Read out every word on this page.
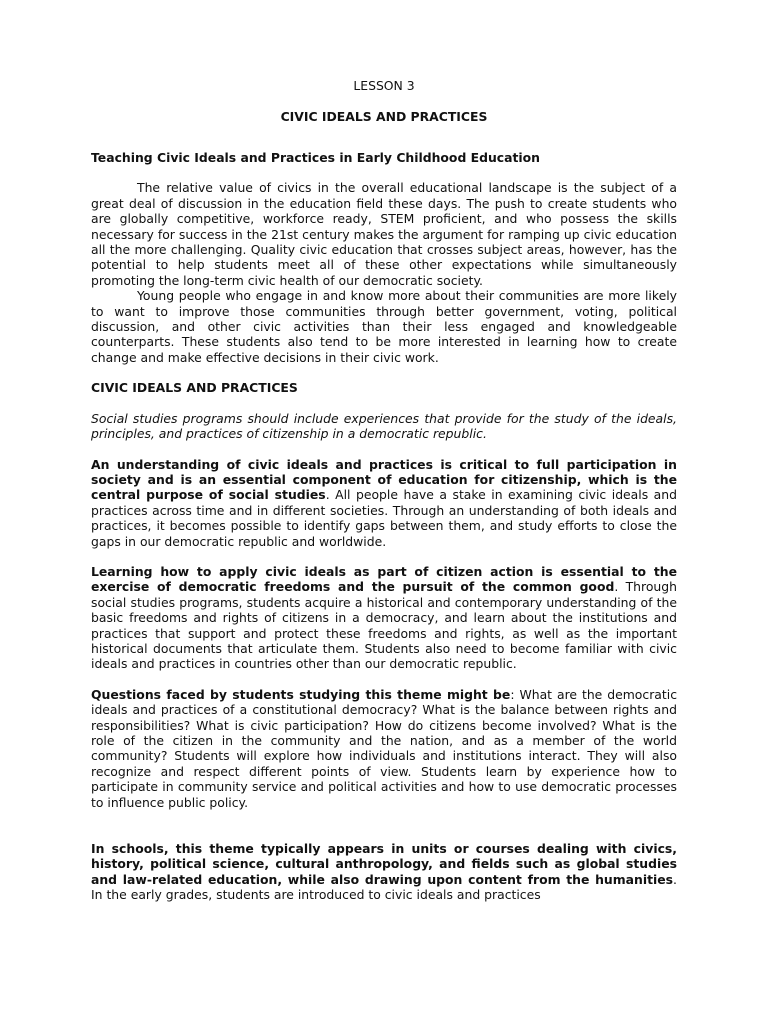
LESSON 3
CIVIC IDEALS AND PRACTICES
Teaching Civic Ideals and Practices in Early Childhood Education

The relative value of civics in the overall educational landscape is the subject of a great deal of discussion in the education field these days. The push to create students who are globally competitive, workforce ready, STEM proficient, and who possess the skills necessary for success in the 21st century makes the argument for ramping up civic education all the more challenging. Quality civic education that crosses subject areas, however, has the potential to help students meet all of these other expectations while simultaneously promoting the long-term civic health of our democratic society.

Young people who engage in and know more about their communities are more likely to want to improve those communities through better government, voting, political discussion, and other civic activities than their less engaged and knowledgeable counterparts. These students also tend to be more interested in learning how to create change and make effective decisions in their civic work.

CIVIC IDEALS AND PRACTICES

Social studies programs should include experiences that provide for the study of the ideals, principles, and practices of citizenship in a democratic republic.

An understanding of civic ideals and practices is critical to full participation in society and is an essential component of education for citizenship, which is the central purpose of social studies. All people have a stake in examining civic ideals and practices across time and in different societies. Through an understanding of both ideals and practices, it becomes possible to identify gaps between them, and study efforts to close the gaps in our democratic republic and worldwide.

Learning how to apply civic ideals as part of citizen action is essential to the exercise of democratic freedoms and the pursuit of the common good. Through social studies programs, students acquire a historical and contemporary understanding of the basic freedoms and rights of citizens in a democracy, and learn about the institutions and practices that support and protect these freedoms and rights, as well as the important historical documents that articulate them. Students also need to become familiar with civic ideals and practices in countries other than our democratic republic.

Questions faced by students studying this theme might be: What are the democratic ideals and practices of a constitutional democracy? What is the balance between rights and responsibilities? What is civic participation? How do citizens become involved? What is the role of the citizen in the community and the nation, and as a member of the world community? Students will explore how individuals and institutions interact. They will also recognize and respect different points of view. Students learn by experience how to participate in community service and political activities and how to use democratic processes to influence public policy.

In schools, this theme typically appears in units or courses dealing with civics, history, political science, cultural anthropology, and fields such as global studies and law-related education, while also drawing upon content from the humanities. In the early grades, students are introduced to civic ideals and practices
